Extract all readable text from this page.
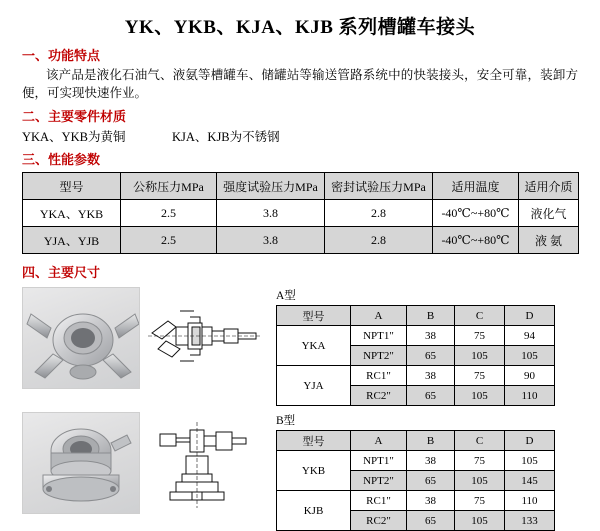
YK、YKB、KJA、KJB 系列槽罐车接头
一、功能特点
该产品是液化石油气、液氨等槽罐车、储罐站等输送管路系统中的快装接头，安全可靠，装卸方便，可实现快速作业。
二、主要零件材质
YKA、YKB为黄铜	KJA、KJB为不锈钢
三、性能参数
型号	公称压力MPa	强度试验压力MPa	密封试验压力MPa	适用温度	适用介质
YKA、YKB	2.5	3.8	2.8	-40℃~+80℃	液化气
YJA、YJB	2.5	3.8	2.8	-40℃~+80℃	液 氨
四、主要尺寸
A型
型号	A	B	C	D
YKA	NPT1"	38	75	94
	NPT2"	65	105	105
YJA	RC1"	38	75	90
	RC2"	65	105	110
B型
型号	A	B	C	D
YKB	NPT1"	38	75	105
	NPT2"	65	105	145
KJB	RC1"	38	75	110
	RC2"	65	105	133
